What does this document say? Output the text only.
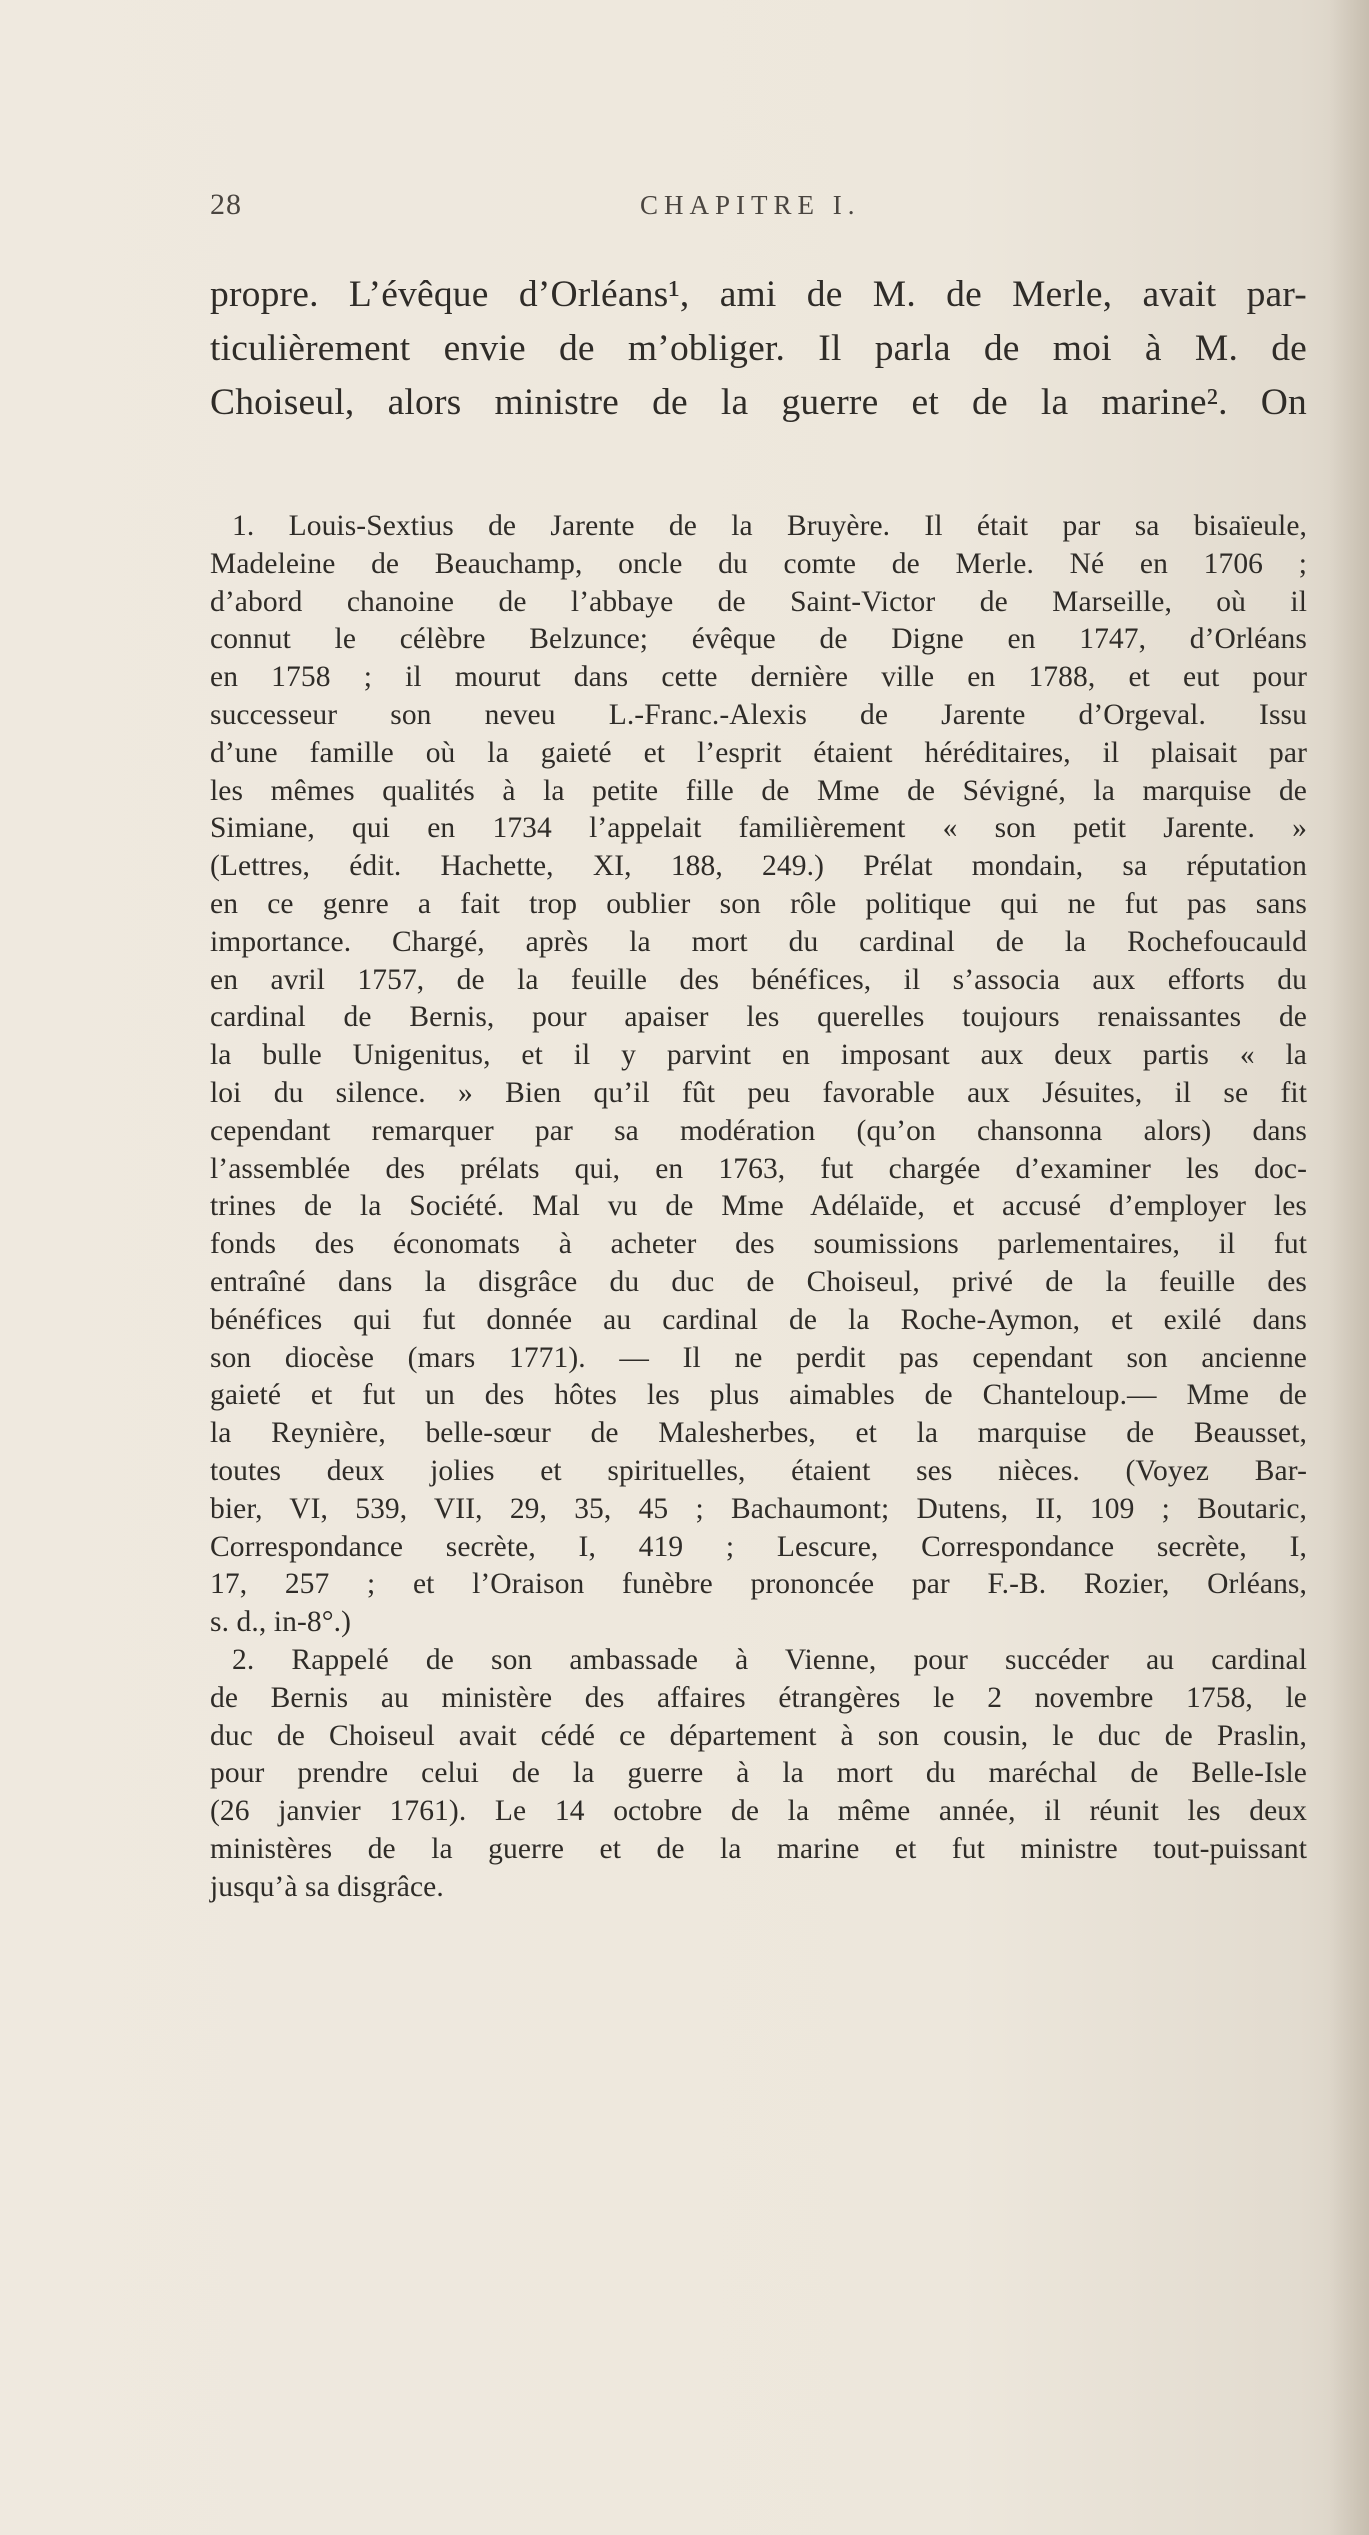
28	CHAPITRE I.
propre. L’évêque d’Orléans¹, ami de M. de Merle, avait par-
ticulièrement envie de m’obliger. Il parla de moi à M. de
Choiseul, alors ministre de la guerre et de la marine². On
1. Louis-Sextius de Jarente de la Bruyère. Il était par sa bisaïeule,
Madeleine de Beauchamp, oncle du comte de Merle. Né en 1706 ;
d’abord chanoine de l’abbaye de Saint-Victor de Marseille, où il
connut le célèbre Belzunce; évêque de Digne en 1747, d’Orléans
en 1758 ; il mourut dans cette dernière ville en 1788, et eut pour
successeur son neveu L.-Franc.-Alexis de Jarente d’Orgeval. Issu
d’une famille où la gaieté et l’esprit étaient héréditaires, il plaisait par
les mêmes qualités à la petite fille de Mme de Sévigné, la marquise de
Simiane, qui en 1734 l’appelait familièrement « son petit Jarente. »
(Lettres, édit. Hachette, XI, 188, 249.) Prélat mondain, sa réputation
en ce genre a fait trop oublier son rôle politique qui ne fut pas sans
importance. Chargé, après la mort du cardinal de la Rochefoucauld
en avril 1757, de la feuille des bénéfices, il s’associa aux efforts du
cardinal de Bernis, pour apaiser les querelles toujours renaissantes de
la bulle Unigenitus, et il y parvint en imposant aux deux partis « la
loi du silence. » Bien qu’il fût peu favorable aux Jésuites, il se fit
cependant remarquer par sa modération (qu’on chansonna alors) dans
l’assemblée des prélats qui, en 1763, fut chargée d’examiner les doc-
trines de la Société. Mal vu de Mme Adélaïde, et accusé d’employer les
fonds des économats à acheter des soumissions parlementaires, il fut
entraîné dans la disgrâce du duc de Choiseul, privé de la feuille des
bénéfices qui fut donnée au cardinal de la Roche-Aymon, et exilé dans
son diocèse (mars 1771). — Il ne perdit pas cependant son ancienne
gaieté et fut un des hôtes les plus aimables de Chanteloup.— Mme de
la Reynière, belle-sœur de Malesherbes, et la marquise de Beausset,
toutes deux jolies et spirituelles, étaient ses nièces. (Voyez Bar-
bier, VI, 539, VII, 29, 35, 45 ; Bachaumont; Dutens, II, 109 ; Boutaric,
Correspondance secrète, I, 419 ; Lescure, Correspondance secrète, I,
17, 257 ; et l’Oraison funèbre prononcée par F.-B. Rozier, Orléans,
s. d., in-8°.)
2. Rappelé de son ambassade à Vienne, pour succéder au cardinal
de Bernis au ministère des affaires étrangères le 2 novembre 1758, le
duc de Choiseul avait cédé ce département à son cousin, le duc de Praslin,
pour prendre celui de la guerre à la mort du maréchal de Belle-Isle
(26 janvier 1761). Le 14 octobre de la même année, il réunit les deux
ministères de la guerre et de la marine et fut ministre tout-puissant
jusqu’à sa disgrâce.
